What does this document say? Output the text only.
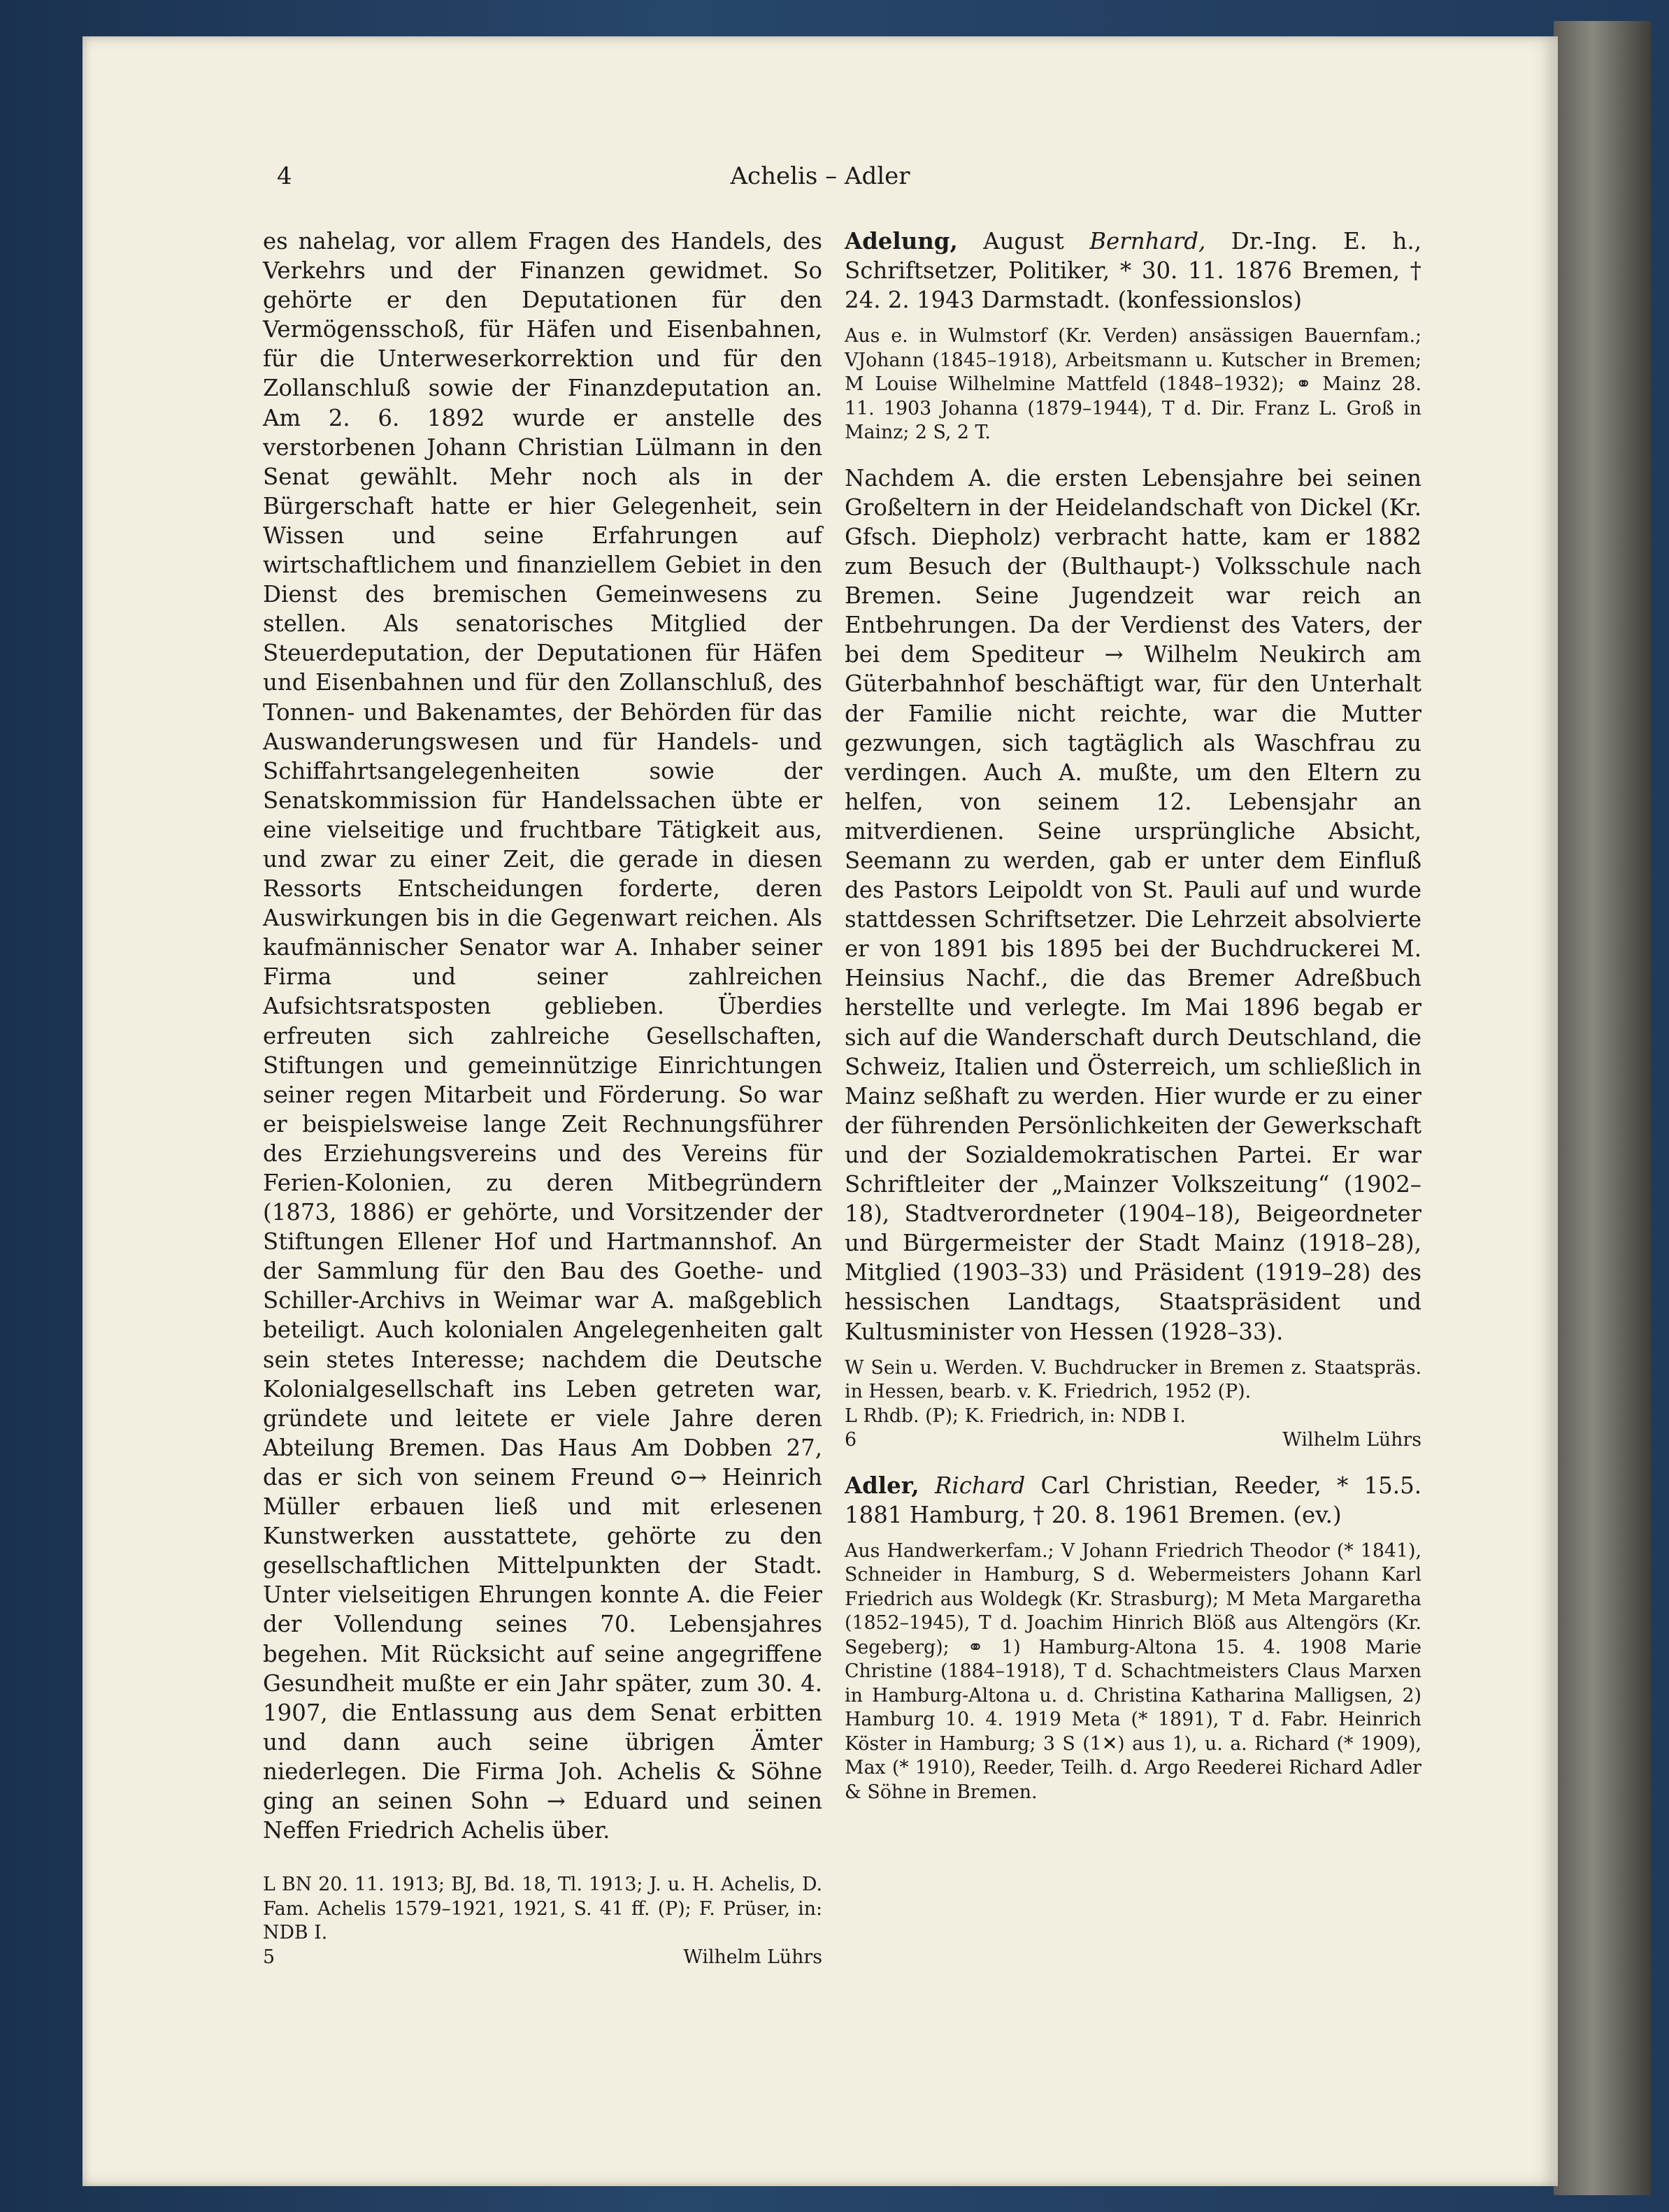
4	Achelis – Adler

es nahelag, vor allem Fragen des Handels, des Verkehrs und der Finanzen gewidmet. So gehörte er den Deputationen für den Vermögensschoß, für Häfen und Eisenbahnen, für die Unterweserkorrektion und für den Zollanschluß sowie der Finanzdeputation an. Am 2. 6. 1892 wurde er anstelle des verstorbenen Johann Christian Lülmann in den Senat gewählt. Mehr noch als in der Bürgerschaft hatte er hier Gelegenheit, sein Wissen und seine Erfahrungen auf wirtschaftlichem und finanziellem Gebiet in den Dienst des bremischen Gemeinwesens zu stellen. Als senatorisches Mitglied der Steuerdeputation, der Deputationen für Häfen und Eisenbahnen und für den Zollanschluß, des Tonnen- und Bakenamtes, der Behörden für das Auswanderungswesen und für Handels- und Schiffahrtsangelegenheiten sowie der Senatskommission für Handelssachen übte er eine vielseitige und fruchtbare Tätigkeit aus, und zwar zu einer Zeit, die gerade in diesen Ressorts Entscheidungen forderte, deren Auswirkungen bis in die Gegenwart reichen. Als kaufmännischer Senator war A. Inhaber seiner Firma und seiner zahlreichen Aufsichtsratsposten geblieben. Überdies erfreuten sich zahlreiche Gesellschaften, Stiftungen und gemeinnützige Einrichtungen seiner regen Mitarbeit und Förderung. So war er beispielsweise lange Zeit Rechnungsführer des Erziehungsvereins und des Vereins für Ferien-Kolonien, zu deren Mitbegründern (1873, 1886) er gehörte, und Vorsitzender der Stiftungen Ellener Hof und Hartmannshof. An der Sammlung für den Bau des Goethe- und Schiller-Archivs in Weimar war A. maßgeblich beteiligt. Auch kolonialen Angelegenheiten galt sein stetes Interesse; nachdem die Deutsche Kolonialgesellschaft ins Leben getreten war, gründete und leitete er viele Jahre deren Abteilung Bremen. Das Haus Am Dobben 27, das er sich von seinem Freund ⊙→ Heinrich Müller erbauen ließ und mit erlesenen Kunstwerken ausstattete, gehörte zu den gesellschaftlichen Mittelpunkten der Stadt. Unter vielseitigen Ehrungen konnte A. die Feier der Vollendung seines 70. Lebensjahres begehen. Mit Rücksicht auf seine angegriffene Gesundheit mußte er ein Jahr später, zum 30. 4. 1907, die Entlassung aus dem Senat erbitten und dann auch seine übrigen Ämter niederlegen. Die Firma Joh. Achelis & Söhne ging an seinen Sohn → Eduard und seinen Neffen Friedrich Achelis über.

L BN 20. 11. 1913; BJ, Bd. 18, Tl. 1913; J. u. H. Achelis, D. Fam. Achelis 1579–1921, 1921, S. 41 ff. (P); F. Prüser, in: NDB I.

5	Wilhelm Lührs

Adelung, August Bernhard, Dr.-Ing. E. h., Schriftsetzer, Politiker, * 30. 11. 1876 Bremen, † 24. 2. 1943 Darmstadt. (konfessionslos)

Aus e. in Wulmstorf (Kr. Verden) ansässigen Bauernfam.; VJohann (1845–1918), Arbeitsmann u. Kutscher in Bremen; M Louise Wilhelmine Mattfeld (1848–1932); ⚭ Mainz 28. 11. 1903 Johanna (1879–1944), T d. Dir. Franz L. Groß in Mainz; 2 S, 2 T.

Nachdem A. die ersten Lebensjahre bei seinen Großeltern in der Heidelandschaft von Dickel (Kr. Gfsch. Diepholz) verbracht hatte, kam er 1882 zum Besuch der (Bulthaupt-) Volksschule nach Bremen. Seine Jugendzeit war reich an Entbehrungen. Da der Verdienst des Vaters, der bei dem Spediteur → Wilhelm Neukirch am Güterbahnhof beschäftigt war, für den Unterhalt der Familie nicht reichte, war die Mutter gezwungen, sich tagtäglich als Waschfrau zu verdingen. Auch A. mußte, um den Eltern zu helfen, von seinem 12. Lebensjahr an mitverdienen. Seine ursprüngliche Absicht, Seemann zu werden, gab er unter dem Einfluß des Pastors Leipoldt von St. Pauli auf und wurde stattdessen Schriftsetzer. Die Lehrzeit absolvierte er von 1891 bis 1895 bei der Buchdruckerei M. Heinsius Nachf., die das Bremer Adreßbuch herstellte und verlegte. Im Mai 1896 begab er sich auf die Wanderschaft durch Deutschland, die Schweiz, Italien und Österreich, um schließlich in Mainz seßhaft zu werden. Hier wurde er zu einer der führenden Persönlichkeiten der Gewerkschaft und der Sozialdemokratischen Partei. Er war Schriftleiter der „Mainzer Volkszeitung“ (1902–18), Stadtverordneter (1904–18), Beigeordneter und Bürgermeister der Stadt Mainz (1918–28), Mitglied (1903–33) und Präsident (1919–28) des hessischen Landtags, Staatspräsident und Kultusminister von Hessen (1928–33).

W Sein u. Werden. V. Buchdrucker in Bremen z. Staatspräs. in Hessen, bearb. v. K. Friedrich, 1952 (P).

L Rhdb. (P); K. Friedrich, in: NDB I.

6	Wilhelm Lührs

Adler, Richard Carl Christian, Reeder, * 15.5. 1881 Hamburg, † 20. 8. 1961 Bremen. (ev.)

Aus Handwerkerfam.; V Johann Friedrich Theodor (* 1841), Schneider in Hamburg, S d. Webermeisters Johann Karl Friedrich aus Woldegk (Kr. Strasburg); M Meta Margaretha (1852–1945), T d. Joachim Hinrich Blöß aus Altengörs (Kr. Segeberg); ⚭ 1) Hamburg-Altona 15. 4. 1908 Marie Christine (1884–1918), T d. Schachtmeisters Claus Marxen in Hamburg-Altona u. d. Christina Katharina Malligsen, 2) Hamburg 10. 4. 1919 Meta (* 1891), T d. Fabr. Heinrich Köster in Hamburg; 3 S (1✕) aus 1), u. a. Richard (* 1909), Max (* 1910), Reeder, Teilh. d. Argo Reederei Richard Adler & Söhne in Bremen.
